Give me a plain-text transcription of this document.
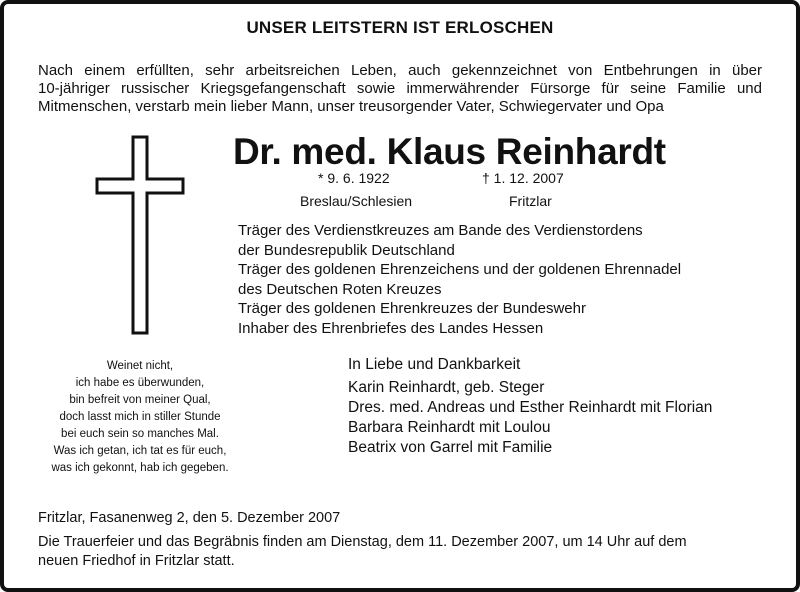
UNSER LEITSTERN IST ERLOSCHEN
Nach einem erfüllten, sehr arbeitsreichen Leben, auch gekennzeichnet von Entbehrungen in über
10-jähriger russischer Kriegsgefangenschaft sowie immerwährender Fürsorge für seine Familie und
Mitmenschen, verstarb mein lieber Mann, unser treusorgender Vater, Schwiegervater und Opa
Dr. med. Klaus Reinhardt
* 9. 6. 1922	† 1. 12. 2007
Breslau/Schlesien	Fritzlar
Träger des Verdienstkreuzes am Bande des Verdienstordens
der Bundesrepublik Deutschland
Träger des goldenen Ehrenzeichens und der goldenen Ehrennadel
des Deutschen Roten Kreuzes
Träger des goldenen Ehrenkreuzes der Bundeswehr
Inhaber des Ehrenbriefes des Landes Hessen
Weinet nicht,
ich habe es überwunden,
bin befreit von meiner Qual,
doch lasst mich in stiller Stunde
bei euch sein so manches Mal.
Was ich getan, ich tat es für euch,
was ich gekonnt, hab ich gegeben.
In Liebe und Dankbarkeit
Karin Reinhardt, geb. Steger
Dres. med. Andreas und Esther Reinhardt mit Florian
Barbara Reinhardt mit Loulou
Beatrix von Garrel mit Familie
Fritzlar, Fasanenweg 2, den 5. Dezember 2007
Die Trauerfeier und das Begräbnis finden am Dienstag, dem 11. Dezember 2007, um 14 Uhr auf dem
neuen Friedhof in Fritzlar statt.
